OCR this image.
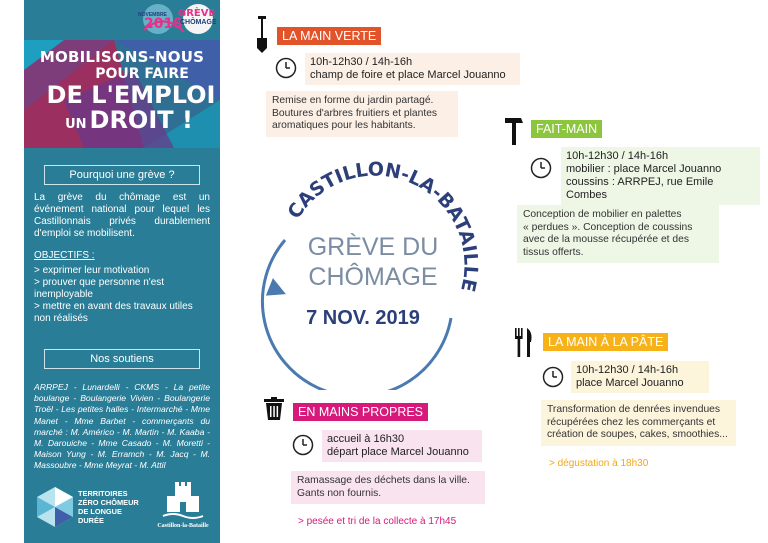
NOVEMBRE
2019
GRÈVE
CHÔMAGE
MOBILISONS-NOUS
POUR FAIRE
DE L'EMPLOI
UN DROIT !
Pourquoi une grève ?

La grève du chômage est un événement national pour lequel les Castillonnais privés durablement d'emploi se mobilisent.

OBJECTIFS :
> exprimer leur motivation
> prouver que personne n'est inemployable
> mettre en avant des travaux utiles non réalisés
Nos soutiens
ARRPEJ - Lunardelli - CKMS - La petite boulange - Boulangerie Vivien - Boulangerie Troël - Les petites halles - Intermarché - Mme Manet - Mme Barbet - commerçants du marché : M. Américo - M. Martin - M. Kaaba - M. Darouiche - Mme Casado - M. Moretti - Maison Yung - M. Erramch - M. Jacq - M. Massoubre - Mme Meyrat - M. Attil
TERRITOIRES
ZÉRO CHÔMEUR
DE LONGUE
DURÉE
Castillon-la-Bataille
CASTILLON-LA-BATAILLE
GRÈVE DU
CHÔMAGE
7 NOV. 2019
LA MAIN VERTE
10h-12h30 / 14h-16h
champ de foire et place Marcel Jouanno
Remise en forme du jardin partagé.
Boutures d'arbres fruitiers et plantes
aromatiques pour les habitants.	FAIT-MAIN
10h-12h30 / 14h-16h
mobilier : place Marcel Jouanno
coussins : ARRPEJ, rue Emile Combes
Conception de mobilier en palettes
« perdues ». Conception de coussins
avec de la mousse récupérée et des
tissus offerts.
LA MAIN À LA PÂTE
10h-12h30 / 14h-16h
place Marcel Jouanno
Transformation de denrées invendues
récupérées chez les commerçants et
création de soupes, cakes, smoothies...
> dégustation à 18h30
EN MAINS PROPRES
accueil à 16h30
départ place Marcel Jouanno
Ramassage des déchets dans la ville.
Gants non fournis.
> pesée et tri de la collecte à 17h45
